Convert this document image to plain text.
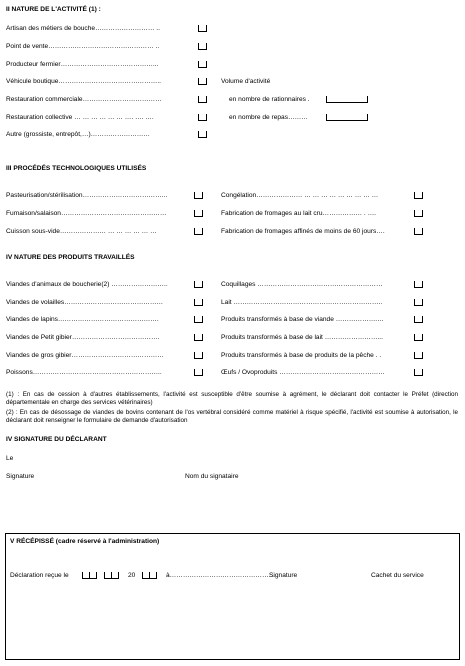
II NATURE DE L'ACTIVITÉ (1) :
Artisan des métiers de bouche……………………… ..
Point de vente………………………………………… ..
Producteur fermier……………………………………...
Véhicule boutique………………………………………..	Volume d'activité
Restauration commerciale………………………………	en nombre de rationnaires .
Restauration collective … … … … … … …. …. ….	en nombre de repas………
Autre (grossiste, entrepôt,…)………………………
III PROCÉDÉS TECHNOLOGIQUES UTILISÉS
Pasteurisation/stérilisation………………………………...	Congélation………………… … … … … … … … … …
Fumaison/salaison…………………………………………	Fabrication de fromages au lait cru……………… . ….
Cuisson sous-vide………………… … … … … … …	Fabrication de fromages affinés de moins de 60 jours….
IV NATURE DES PRODUITS TRAVAILLÉS
Viandes d'animaux de boucherie(2) ……………………..	Coquillages …………………………………………………
Viandes de volailles………………………………………	Lait …………………………………………………………..
Viandes de lapins……………………………………….	Produits transformés à base de viande ……………….…
Viandes de Petit gibier………………………………….	Produits transformés à base de lait ……………………...
Viandes de gros gibier……………………………………	Produits transformés à base de produits de la pêche . .
Poissons…………………………………………………..	Œufs / Ovoproduits …………………………………………
(1) : En cas de cession à d'autres établissements, l'activité est susceptible d'être soumise à agrément, le déclarant doit contacter le Préfet (direction départementale en charge des services vétérinaires)
(2) : En cas de désossage de viandes de bovins contenant de l'os vertébral considéré comme matériel à risque spécifié, l'activité est soumise à autorisation, le déclarant doit renseigner le formulaire de demande d'autorisation
IV SIGNATURE DU DÉCLARANT
Le
Signature	Nom du signataire
V RÉCÉPISSÉ (cadre réservé à l'administration)
Déclaration reçue le	20	à…………………………………………
Signature	Cachet du service
